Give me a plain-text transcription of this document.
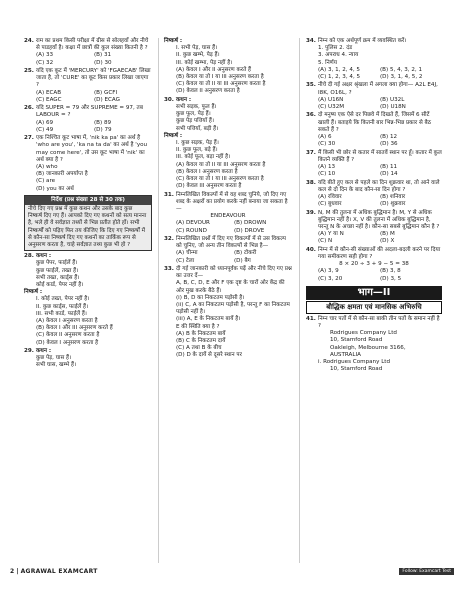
24. राम का प्रथम किसी परीक्षा में ग्रीस से सोलहवाँ और नीचे से पाडहवाँ है। कक्षा में छात्रों की कुल संख्या कितनी है ?
(A) 33	(B) 31
(C) 32	(D) 30
25. यदि एक कूट में 'MERCURY' को 'FGAECAB' लिखा जाता है, तो 'CURE' का कूट किस प्रकार लिखा जाएगा ?
(A) ECAB	(B) GCFI
(C) EAGC	(D) ECAG
26. यदि SUPER = 79 और SUPREME = 97, तब LABOUR = ?
(A) 69	(B) 89
(C) 49	(D) 79
27. एक निश्चित कूट भाषा में, 'nik ka pa' का अर्थ है 'who are you', 'ka na ta da' का अर्थ है 'you may come here', तो उस कूट भाषा में 'nik' का अर्थ क्या है ?
(A) who
(B) जानकारी अपर्याप्त है
(C) are
(D) you का अर्थ
निर्देश (प्रश्न संख्या 28 से 30 तक)
नीचे दिए गए प्रश्न में कुछ कथन और उसके बाद कुछ निष्कर्ष दिए गए हैं। आपको दिए गए कथनों को सत्य मानना है, भले ही वे सर्वज्ञात तथ्यों से भिन्न प्रतीत होते हों। सभी निष्कर्षों को पढ़िए फिर तय कीजिए कि दिए गए निष्कर्षों में से कौन-सा निष्कर्ष दिए गए कथनों का तार्किक रूप से अनुसरण करता है, चाहे सर्वज्ञात तथ्य कुछ भी हो ?
28. कथन :
कुछ पेपर, फाईलें हैं।
कुछ फाईलें, तख्त हैं।
सभी तख्त, कार्ड्स हैं।
कोई कार्ड, पेपर नहीं है।
निष्कर्ष :
I. कोई तख्त, पेपर नहीं है।
II. कुछ कार्ड्स, फाईलें हैं।
III. सभी कार्ड, फाईलें हैं।
(A) केवल I अनुसरण करता है
(B) केवल I और III अनुसरण करते हैं
(C) केवल II अनुसरण करता है
(D) केवल I अनुसरण करता है
29. कथन :
कुछ पेड़, घास हैं।
सभी घास, खम्भे हैं।
निष्कर्ष :
I. सभी पेड़, घास हैं।
II. कुछ खम्भे, पेड़ हैं।
III. कोई खम्भा, पेड़ नहीं है।
(A) केवल I और II अनुसरण करते हैं
(B) केवल या तो I या III अनुसरण करता है
(C) केवल या तो II या III अनुसरण करता है
(D) केवल II अनुसरण करता है
30. कथन :
सभी सड़क, फूल हैं।
कुछ फूल, पेड़ हैं।
कुछ पेड़ पत्तियाँ हैं।
सभी पत्तियाँ, बड़ी हैं।
निष्कर्ष :
I. कुछ सड़क, पेड़ हैं।
II. कुछ फूल, बड़े हैं।
III. कोई फूल, बड़ा नहीं है।
(A) केवल या तो II या III अनुसरण करता है
(B) केवल I अनुसरण करता है
(C) केवल या तो I या III अनुसरण करता है
(D) केवल III अनुसरण करता है
31. निम्नलिखित विकल्पों में से वह शब्द चुनिये, जो दिए गए शब्द के अक्षरों का प्रयोग करके नहीं बनाया जा सकता है—
ENDEAVOUR
(A) DEVOUR	(B) DROWN
(C) ROUND	(D) DROVE
32. निम्नलिखित प्रश्नों में दिए गए विकल्पों में से उस विकल्प को चुनिए, जो अन्य तीन विकल्पों से भिन्न है—
(A) चीन्मा	(B) टोकरी
(C) टेला	(D) बैग
33. दी गई जानकारी को ध्यानपूर्वक पढ़ें और नीचे दिए गए प्रश्न का उत्तर दें—
A, B, C, D, E और F एक दृष्ट के चारों ओर केंद्र की ओर मुख करके बैठे हैं।
(i) B, D का निकटतम पड़ोसी है।
(ii) C, A का निकटतम पड़ोसी है, परन्तु F का निकटतम पड़ोसी नहीं है।
(iii) A, E के निकटतम बायें है।
E की स्थिति क्या है ?
(A) B के निकटतम बायें
(B) C के निकटतम दायें
(C) A तथा B के बीच
(D) D के दायें से दूसरे स्थान पर
34. निम्न को एक अर्थपूर्ण क्रम में व्यवस्थित करें।
1. पुलिस 2. दंड
3. अपराध 4. न्याय
5. निर्णय
(A) 3, 1, 2, 4, 5	(B) 5, 4, 3, 2, 1
(C) 1, 2, 3, 4, 5	(D) 3, 1, 4, 5, 2
35. नीचे दी गई अक्षर श्रृंखला में अगला क्या होगा— A2L E4J, I8K, O16L, ?
(A) U16N	(B) U32L
(C) U32M	(D) U18N
36. दो मनुष्य एक ऐसे दर पिछवे में दिखते हैं, जिसमें 6 सीटें खाली हैं। बताइये कि कितनी बार भिन्न-भिन्न प्रकार से बैठ सकते हैं ?
(A) 6	(B) 12
(C) 30	(D) 36
37. मैं किसी भी छोर से कतार में सातवें स्थान पर हूँ। कतार में कुल कितने व्यक्ति हैं ?
(A) 13	(B) 11
(C) 10	(D) 14
38. यदि बीते हुए कल से पहले का दिन शुक्रवार था, तो आने वाले कल से दो दिन के बाद कौन-सा दिन होगा ?
(A) रविवार	(B) शनिवार
(C) बुधवार	(D) शुक्रवार
39. N, M की तुलना में अधिक बुद्धिमान है। M, Y से अधिक बुद्धिमान नहीं है। X, V की तुलना में अधिक बुद्धिमान है, परन्तु N के अच्छा नहीं है। कौन-सा सबसे बुद्धिमान कौन है ?
(A) Y या N	(B) M
(C) N	(D) X
40. निम्न में से कौन-सी संख्याओं की अदला-बदली करने पर दिया गया समीकरण सही होगा ?
8 × 20 ÷ 3 + 9 − 5 = 38
(A) 3, 9	(B) 3, 8
(C) 3, 20	(D) 3, 5
भाग—II
बौद्धिक क्षमता एवं मानसिक अभिरुचि
41. निम्न चार पतों में से कौन-सा बाकी तीन पतों के समान नहीं है ?
Rodrigues Company Ltd
10, Stamford Road
Oakleigh, Melbourne 3166,
AUSTRALIA
i. Rodrigues Company Ltd
10, Stamford Road
2 | AGRAWAL EXAMCART	Follow: Examcart Test
